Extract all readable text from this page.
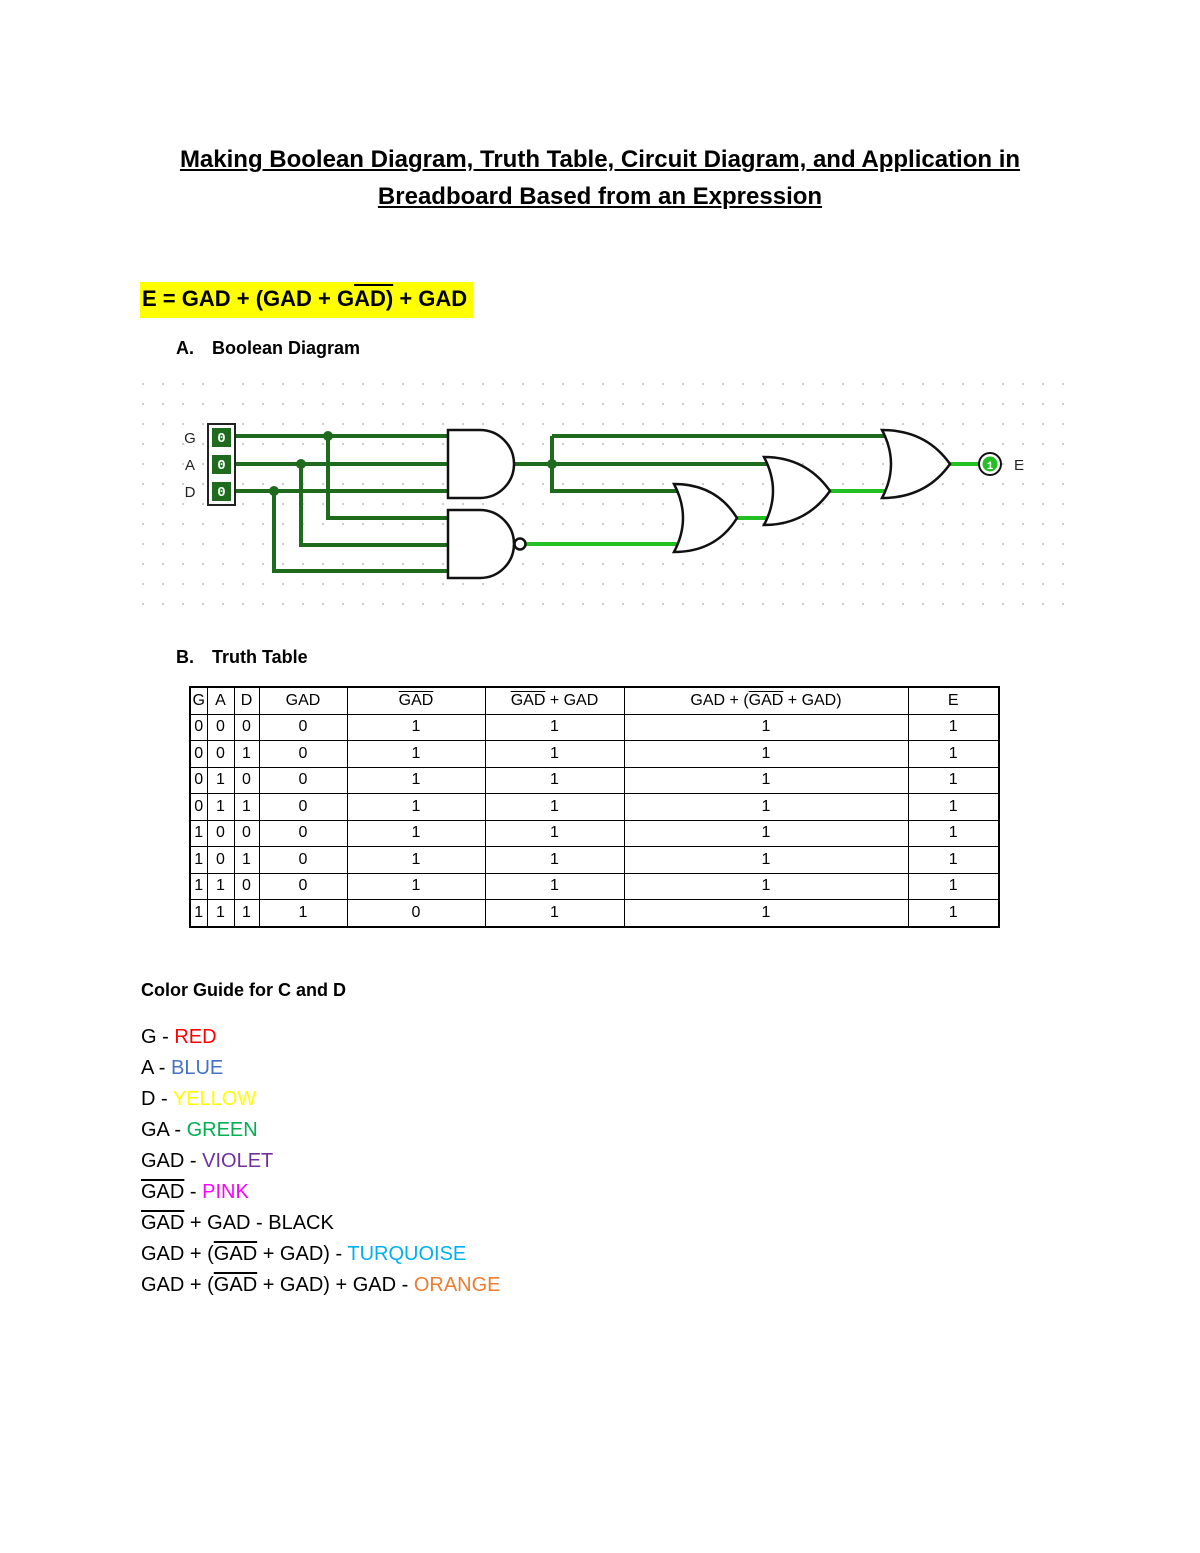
Making Boolean Diagram, Truth Table, Circuit Diagram, and Application in
Breadboard Based from an Expression
E = GAD + (GAD + GAD) + GAD
A. Boolean Diagram
0
G
0
A
0
D
1 E
B. Truth Table
G	A	D	GAD	$\overline{GAD}$	$\overline{GAD}$ + GAD	GAD + $(\overline{GAD} + GAD)$	E
0	0	0	0	1	1	1	1
0	0	1	0	1	1	1	1
0	1	0	0	1	1	1	1
0	1	1	0	1	1	1	1
1	0	0	0	1	1	1	1
1	0	1	0	1	1	1	1
1	1	0	0	1	1	1	1
1	1	1	1	0	1	1	1
Color Guide for C and D
G - RED
A - BLUE
D - YELLOW
GA - GREEN
GAD - VIOLET
$\overline{GAD}$ - PINK
$\overline{GAD}$ + GAD - BLACK
GAD + $(\overline{GAD} + GAD)$ - TURQUOISE
GAD + $(\overline{GAD} + GAD)$ + GAD - ORANGE
